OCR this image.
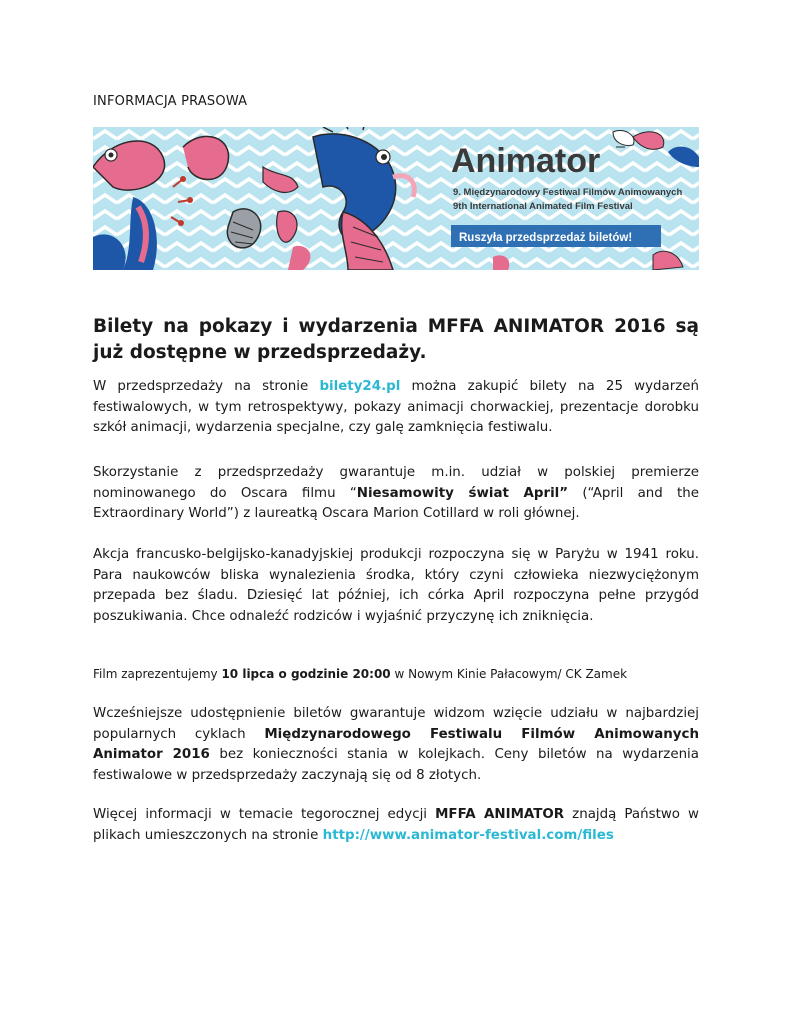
INFORMACJA PRASOWA
Animator
9. Międzynarodowy Festiwal Filmów Animowanych
9th International Animated Film Festival
Ruszyła przedsprzedaż biletów!
Bilety na pokazy i wydarzenia MFFA ANIMATOR 2016 są już dostępne w przedsprzedaży.

W przedsprzedaży na stronie bilety24.pl można zakupić bilety na 25 wydarzeń festiwalowych, w tym retrospektywy, pokazy animacji chorwackiej, prezentacje dorobku szkół animacji, wydarzenia specjalne, czy galę zamknięcia festiwalu.

Skorzystanie z przedsprzedaży gwarantuje m.in. udział w polskiej premierze nominowanego do Oscara filmu “Niesamowity świat April” (“April and the Extraordinary World”) z laureatką Oscara Marion Cotillard w roli głównej.

Akcja francusko-belgijsko-kanadyjskiej produkcji rozpoczyna się w Paryżu w 1941 roku. Para naukowców bliska wynalezienia środka, który czyni człowieka niezwyciężonym przepada bez śladu. Dziesięć lat później, ich córka April rozpoczyna pełne przygód poszukiwania. Chce odnaleźć rodziców i wyjaśnić przyczynę ich zniknięcia.

Film zaprezentujemy 10 lipca o godzinie 20:00 w Nowym Kinie Pałacowym/ CK Zamek

Wcześniejsze udostępnienie biletów gwarantuje widzom wzięcie udziału w najbardziej popularnych cyklach Międzynarodowego Festiwalu Filmów Animowanych Animator 2016 bez konieczności stania w kolejkach. Ceny biletów na wydarzenia festiwalowe w przedsprzedaży zaczynają się od 8 złotych.

Więcej informacji w temacie tegorocznej edycji MFFA ANIMATOR znajdą Państwo w plikach umieszczonych na stronie http://www.animator-festival.com/files
